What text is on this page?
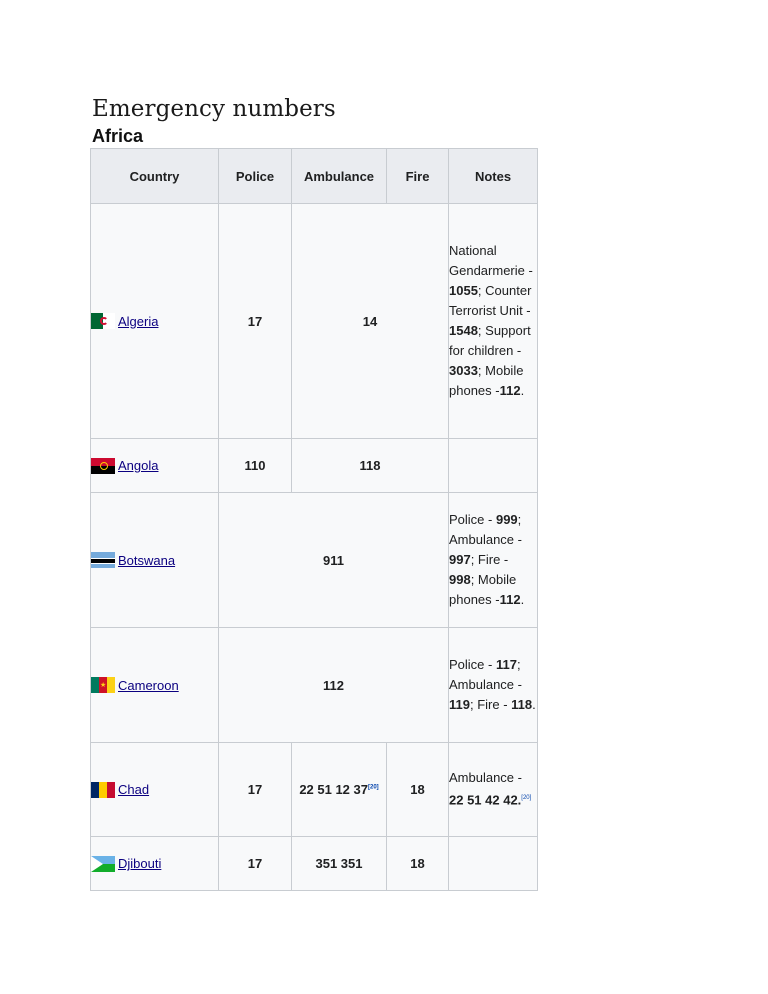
Emergency numbers
Africa
Country	Police	Ambulance	Fire	Notes

Algeria	17	14		National Gendarmerie - 1055; Counter Terrorist Unit - 1548; Support for children - 3033; Mobile phones -112.

Angola	110	118		

Botswana	911			Police - 999; Ambulance - 997; Fire - 998; Mobile phones -112.

★ Cameroon	112			Police - 117; Ambulance - 119; Fire - 118.

Chad	17	22 51 12 37[20]	18	Ambulance - 22 51 42 42.[20]

Djibouti	17	351 351	18	
